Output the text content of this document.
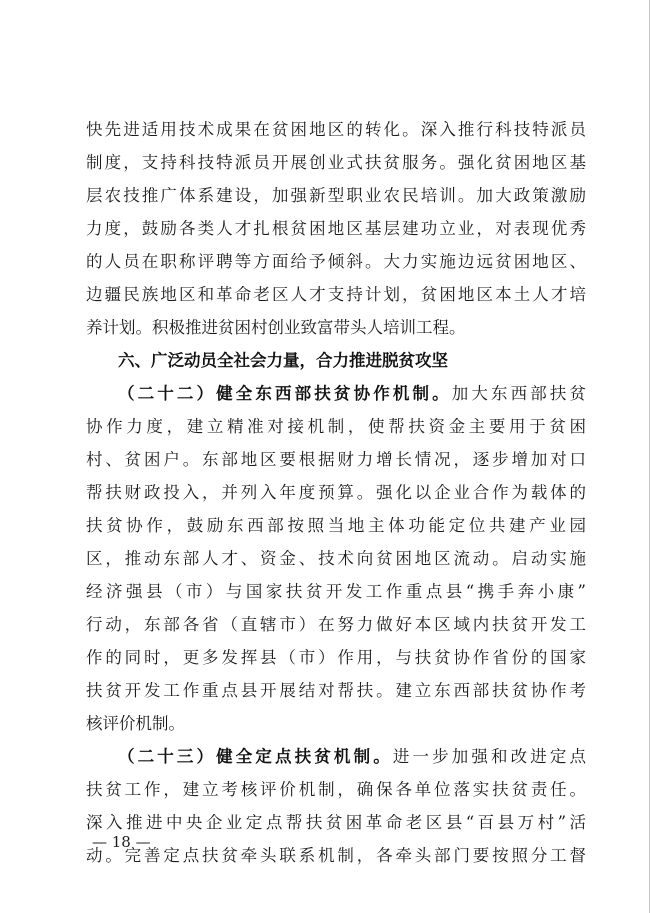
快先进适用技术成果在贫困地区的转化。深入推行科技特派员
制度，支持科技特派员开展创业式扶贫服务。强化贫困地区基
层农技推广体系建设，加强新型职业农民培训。加大政策激励
力度，鼓励各类人才扎根贫困地区基层建功立业，对表现优秀
的人员在职称评聘等方面给予倾斜。大力实施边远贫困地区、
边疆民族地区和革命老区人才支持计划，贫困地区本土人才培
养计划。积极推进贫困村创业致富带头人培训工程。
六、广泛动员全社会力量，合力推进脱贫攻坚
（二十二）健全东西部扶贫协作机制。加大东西部扶贫
协作力度，建立精准对接机制，使帮扶资金主要用于贫困
村、贫困户。东部地区要根据财力增长情况，逐步增加对口
帮扶财政投入，并列入年度预算。强化以企业合作为载体的
扶贫协作，鼓励东西部按照当地主体功能定位共建产业园
区，推动东部人才、资金、技术向贫困地区流动。启动实施
经济强县（市）与国家扶贫开发工作重点县“携手奔小康”
行动，东部各省（直辖市）在努力做好本区域内扶贫开发工
作的同时，更多发挥县（市）作用，与扶贫协作省份的国家
扶贫开发工作重点县开展结对帮扶。建立东西部扶贫协作考
核评价机制。
（二十三）健全定点扶贫机制。进一步加强和改进定点
扶贫工作，建立考核评价机制，确保各单位落实扶贫责任。
深入推进中央企业定点帮扶贫困革命老区县“百县万村”活
动。完善定点扶贫牵头联系机制，各牵头部门要按照分工督
— 18 —
